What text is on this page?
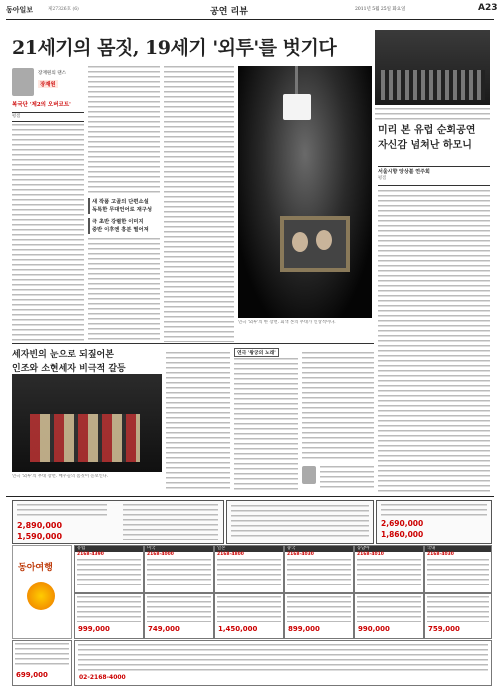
동아일보	제27326호 (6)	공연 리뷰	2011년 5월 25일 화요일	A23
21세기의 몸짓, 19세기 '외투'를 벗기다
미리 본 유럽 순회공연
자신감 넘쳐난 하모니
서울시향 앙상블 연주회
평점
장재원의 댄스
장재원
복국단 '제2의 오버코트'
평점
새 작품 고골의 단편소설
독특한 무대언어로 재구성
극 초반 강렬한 이미지
중반 이후엔 흥분 떨어져
연극 '외투'의 한 장면. 회색 톤의 무대가 인상적이다.
세자빈의 눈으로 되짚어본
인조와 소현세자 비극적 갈등
연극 '외투'의 무대 장면. 배우들의 몸짓이 돋보인다.
연극 '왕궁의 노래'
2,890,000
1,590,000
2,690,000
1,860,000
동아여행
유럽
2168-4390
미국
2168-4000
일본
2168-4800
중국
2168-4030
동남아
2168-4010
국내
2168-4030
999,000	749,000	1,450,000	899,000	990,000	759,000
699,000	02-2168-4000
